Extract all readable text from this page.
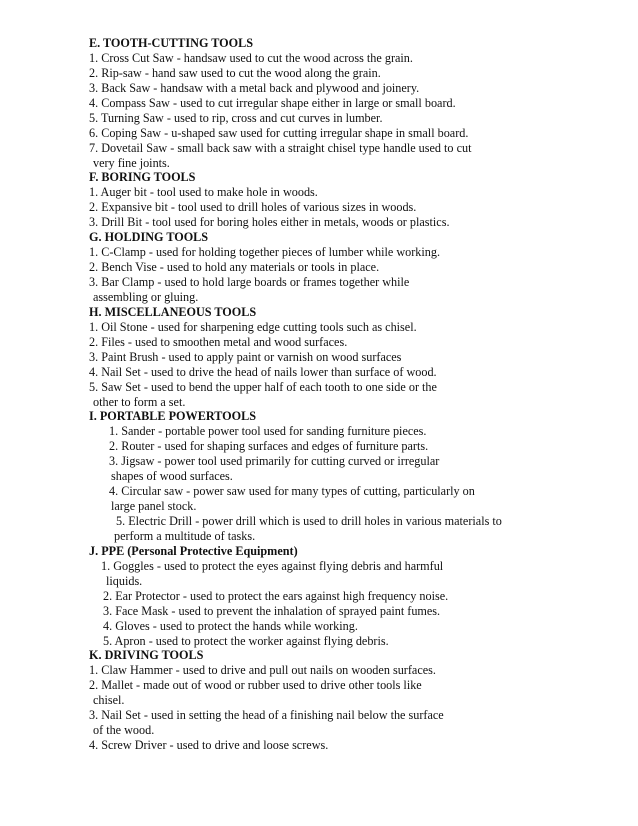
E. TOOTH-CUTTING TOOLS
1. Cross Cut Saw - handsaw used to cut the wood across the grain.
2. Rip-saw - hand saw used to cut the wood along the grain.
3. Back Saw - handsaw with a metal back and plywood and joinery.
4. Compass Saw - used to cut irregular shape either in large or small board.
5. Turning Saw - used to rip, cross and cut curves in lumber.
6. Coping Saw - u-shaped saw used for cutting irregular shape in small board.
7. Dovetail Saw - small back saw with a straight chisel type handle used to cut
very fine joints.
F. BORING TOOLS
1. Auger bit - tool used to make hole in woods.
2. Expansive bit - tool used to drill holes of various sizes in woods.
3. Drill Bit - tool used for boring holes either in metals, woods or plastics.
G. HOLDING TOOLS
1. C-Clamp - used for holding together pieces of lumber while working.
2. Bench Vise - used to hold any materials or tools in place.
3. Bar Clamp - used to hold large boards or frames together while
assembling or gluing.
H. MISCELLANEOUS TOOLS
1. Oil Stone - used for sharpening edge cutting tools such as chisel.
2. Files - used to smoothen metal and wood surfaces.
3. Paint Brush - used to apply paint or varnish on wood surfaces
4. Nail Set - used to drive the head of nails lower than surface of wood.
5. Saw Set - used to bend the upper half of each tooth to one side or the
other to form a set.
I. PORTABLE POWERTOOLS
1. Sander - portable power tool used for sanding furniture pieces.
2. Router - used for shaping surfaces and edges of furniture parts.
3. Jigsaw - power tool used primarily for cutting curved or irregular
shapes of wood surfaces.
4. Circular saw - power saw used for many types of cutting, particularly on
large panel stock.
5. Electric Drill - power drill which is used to drill holes in various materials to
perform a multitude of tasks.
J. PPE (Personal Protective Equipment)
1. Goggles - used to protect the eyes against flying debris and harmful
liquids.
2. Ear Protector - used to protect the ears against high frequency noise.
3. Face Mask - used to prevent the inhalation of sprayed paint fumes.
4. Gloves - used to protect the hands while working.
5. Apron - used to protect the worker against flying debris.
K. DRIVING TOOLS
1. Claw Hammer - used to drive and pull out nails on wooden surfaces.
2. Mallet - made out of wood or rubber used to drive other tools like
chisel.
3. Nail Set - used in setting the head of a finishing nail below the surface
of the wood.
4. Screw Driver - used to drive and loose screws.
